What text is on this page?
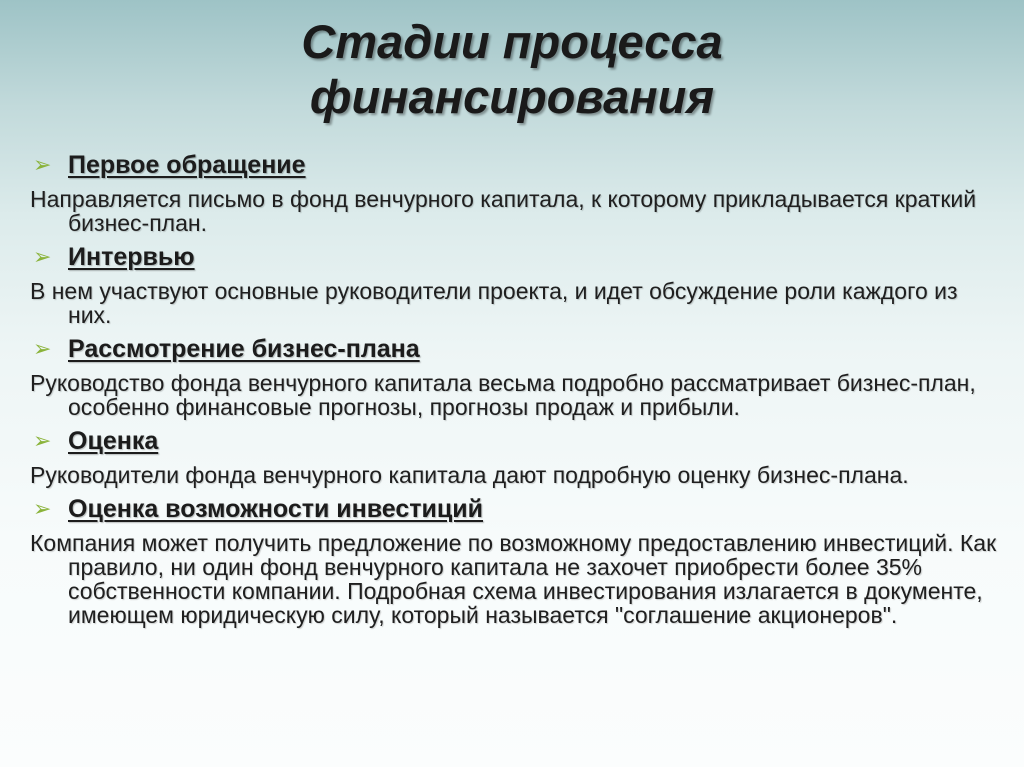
Стадии процесса
финансирования
➢ Первое обращение

Направляется письмо в фонд венчурного капитала, к которому прикладывается краткий бизнес-план.

➢ Интервью

В нем участвуют основные руководители проекта, и идет обсуждение роли каждого из них.

➢ Рассмотрение бизнес-плана

Руководство фонда венчурного капитала весьма подробно рассматривает бизнес-план, особенно финансовые прогнозы, прогнозы продаж и прибыли.

➢ Оценка

Руководители фонда венчурного капитала дают подробную оценку бизнес-плана.

➢ Оценка возможности инвестиций

Компания может получить предложение по возможному предоставлению инвестиций. Как правило, ни один фонд венчурного капитала не захочет приобрести более 35% собственности компании. Подробная схема инвестирования излагается в документе, имеющем юридическую силу, который называется "соглашение акционеров".
